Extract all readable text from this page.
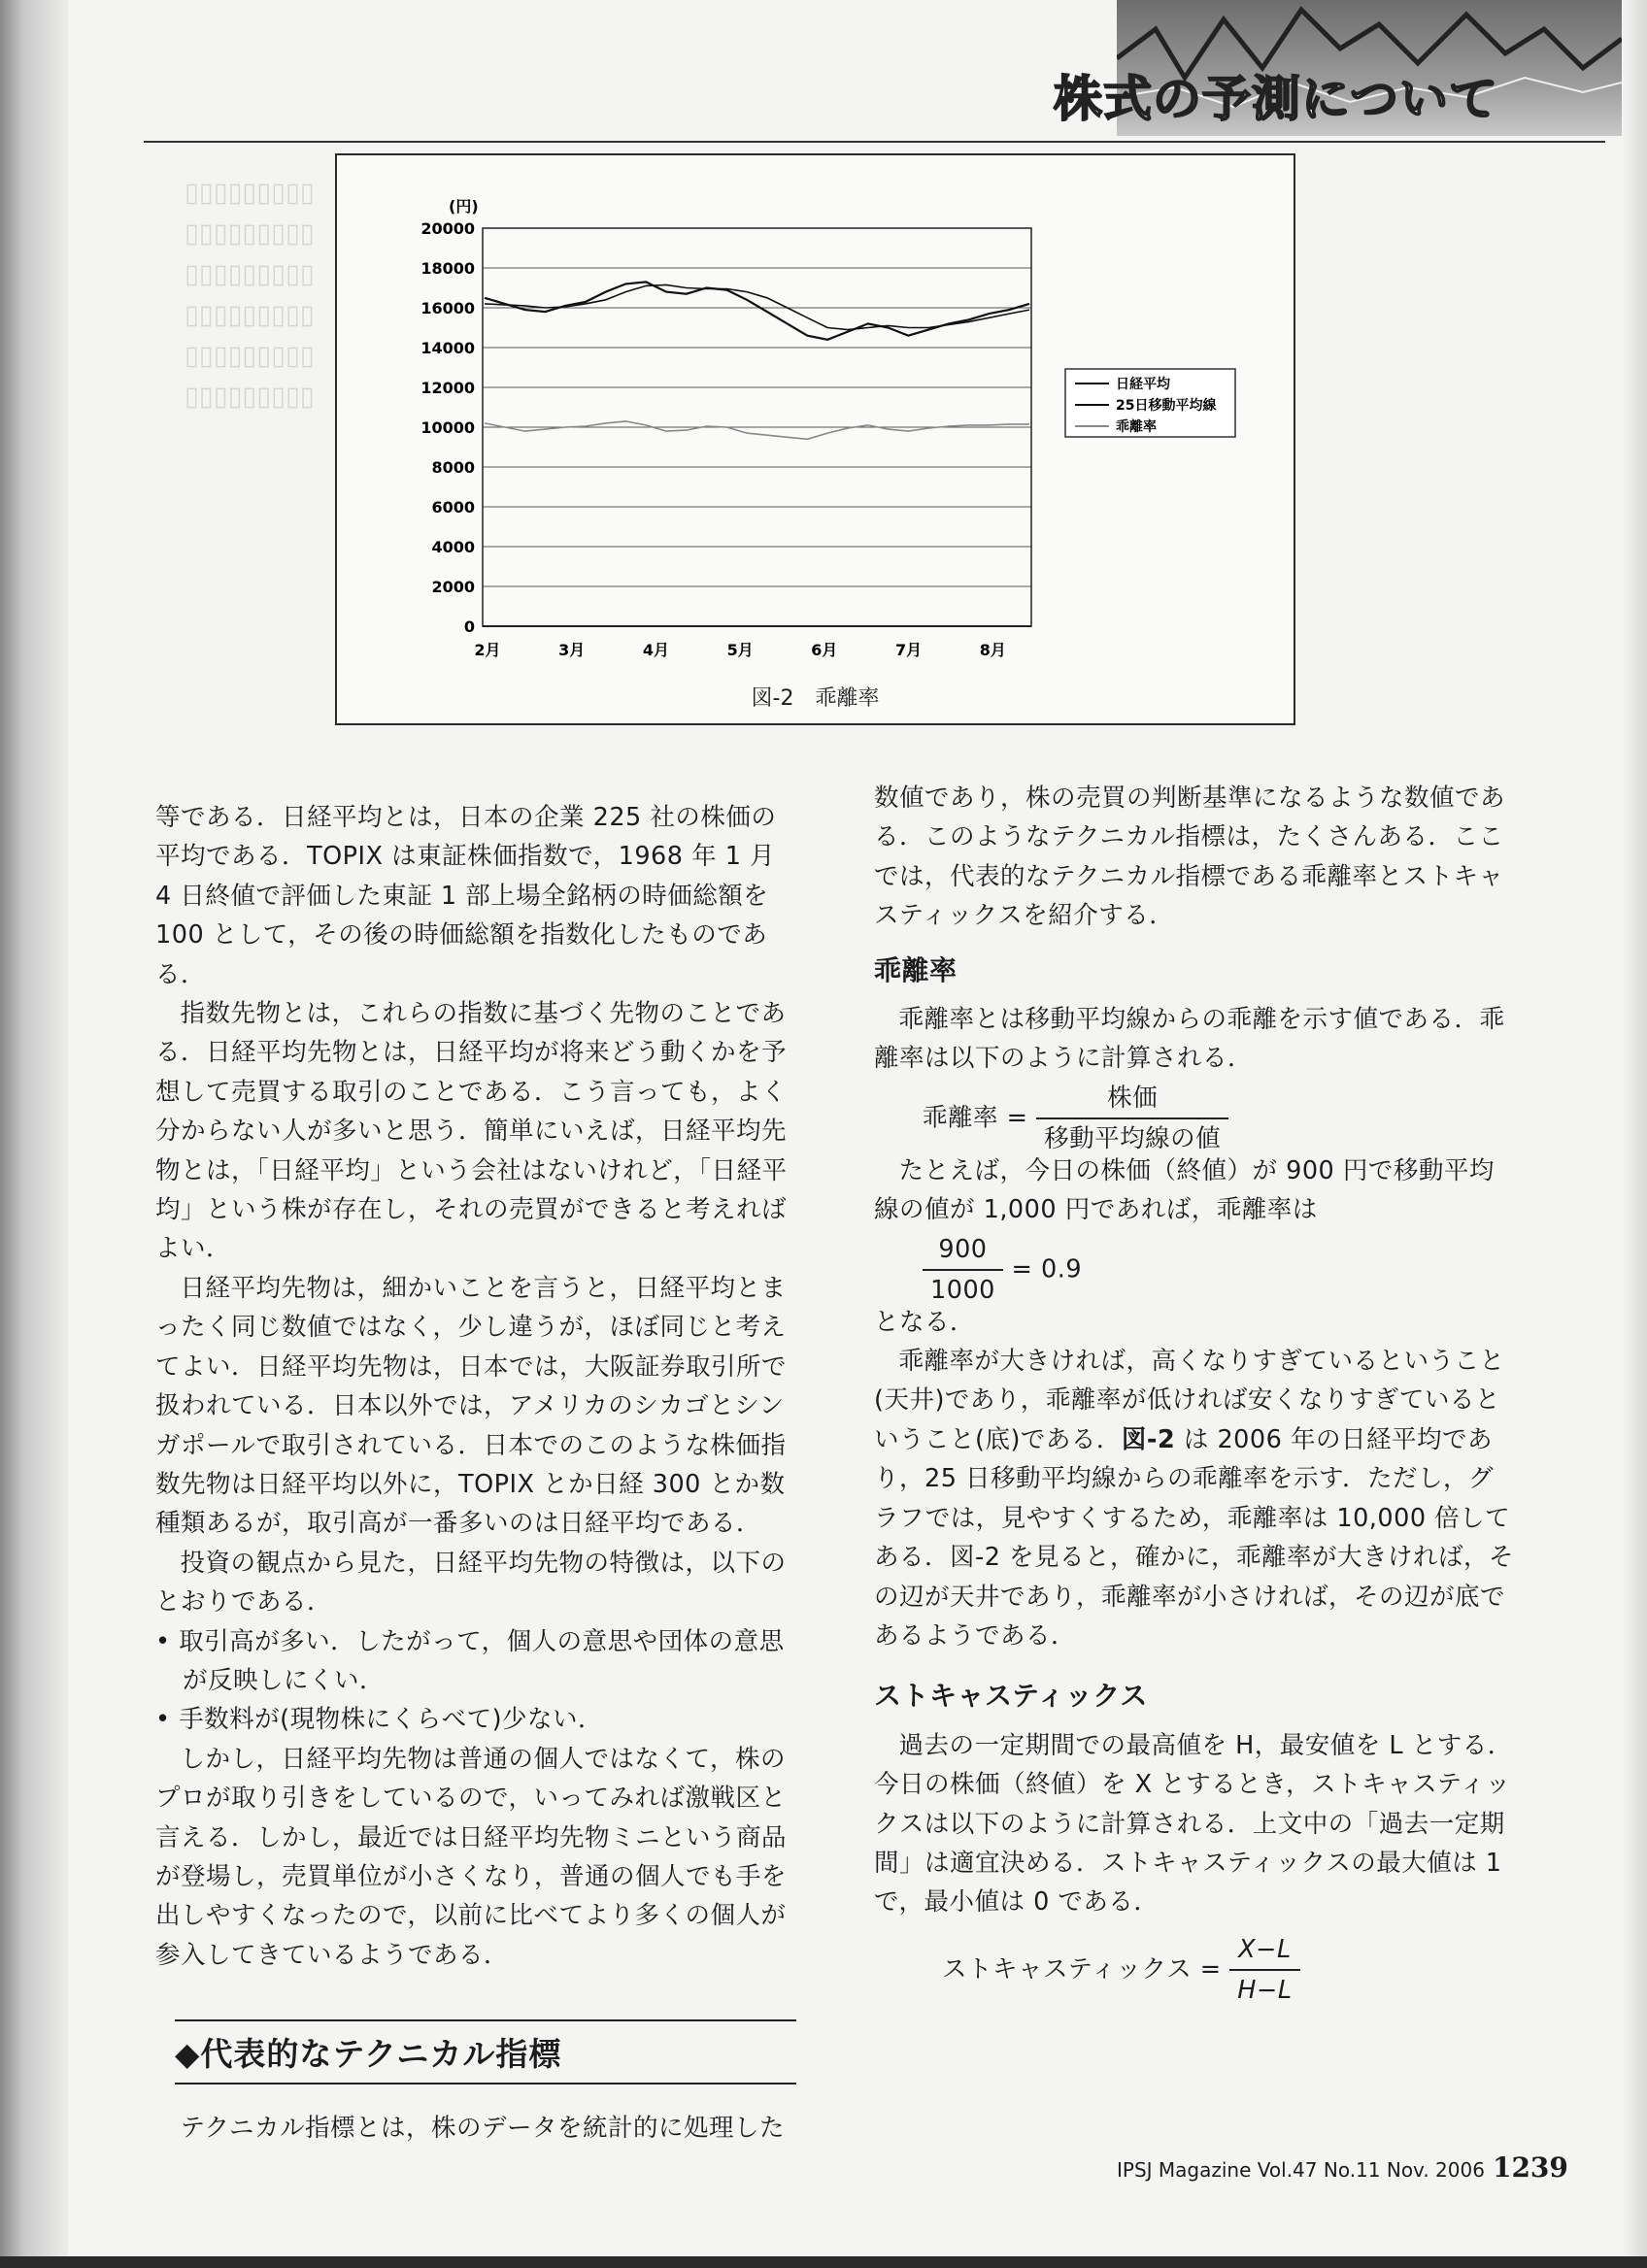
株式の予測について
▯▯▯▯▯▯▯▯▯
▯▯▯▯▯▯▯▯▯
▯▯▯▯▯▯▯▯▯
▯▯▯▯▯▯▯▯▯
▯▯▯▯▯▯▯▯▯
▯▯▯▯▯▯▯▯▯
0
2000
4000
6000
8000
10000
12000
14000
16000
18000
20000
2月	3月	4月	5月	6月	7月	8月
(円)
日経平均
25日移動平均線
乖離率
図-2　乖離率

等である．日経平均とは，日本の企業 225 社の株価の平均である．TOPIX は東証株価指数で，1968 年 1 月 4 日終値で評価した東証 1 部上場全銘柄の時価総額を 100 として，その後の時価総額を指数化したものである．

指数先物とは，これらの指数に基づく先物のことである．日経平均先物とは，日経平均が将来どう動くかを予想して売買する取引のことである．こう言っても，よく分からない人が多いと思う．簡単にいえば，日経平均先物とは，「日経平均」という会社はないけれど，「日経平均」という株が存在し，それの売買ができると考えればよい．

日経平均先物は，細かいことを言うと，日経平均とまったく同じ数値ではなく，少し違うが，ほぼ同じと考えてよい．日経平均先物は，日本では，大阪証券取引所で扱われている．日本以外では，アメリカのシカゴとシンガポールで取引されている．日本でのこのような株価指数先物は日経平均以外に，TOPIX とか日経 300 とか数種類あるが，取引高が一番多いのは日経平均である．

投資の観点から見た，日経平均先物の特徴は，以下のとおりである．

• 取引高が多い．したがって，個人の意思や団体の意思が反映しにくい．

• 手数料が(現物株にくらべて)少ない．

しかし，日経平均先物は普通の個人ではなくて，株のプロが取り引きをしているので，いってみれば激戦区と言える．しかし，最近では日経平均先物ミニという商品が登場し，売買単位が小さくなり，普通の個人でも手を出しやすくなったので，以前に比べてより多くの個人が参入してきているようである．

◆代表的なテクニカル指標

テクニカル指標とは，株のデータを統計的に処理した

数値であり，株の売買の判断基準になるような数値である．このようなテクニカル指標は，たくさんある．ここでは，代表的なテクニカル指標である乖離率とストキャスティックスを紹介する．

乖離率

乖離率とは移動平均線からの乖離を示す値である．乖離率は以下のように計算される．

乖離率 = $\frac{\text{株価}}{\text{移動平均線の値}}$

たとえば，今日の株価（終値）が 900 円で移動平均線の値が 1,000 円であれば，乖離率は

$\frac{900}{1000} = 0.9$

となる．

乖離率が大きければ，高くなりすぎているということ(天井)であり，乖離率が低ければ安くなりすぎているということ(底)である．図-2 は 2006 年の日経平均であり，25 日移動平均線からの乖離率を示す．ただし，グラフでは，見やすくするため，乖離率は 10,000 倍してある．図-2 を見ると，確かに，乖離率が大きければ，その辺が天井であり，乖離率が小さければ，その辺が底であるようである．

ストキャスティックス

過去の一定期間での最高値を H，最安値を L とする．今日の株価（終値）を X とするとき，ストキャスティックスは以下のように計算される．上文中の「過去一定期間」は適宜決める．ストキャスティックスの最大値は 1 で，最小値は 0 である．

ストキャスティックス = $\frac{X-L}{H-L}$
IPSJ Magazine Vol.47 No.11 Nov. 2006 1239
